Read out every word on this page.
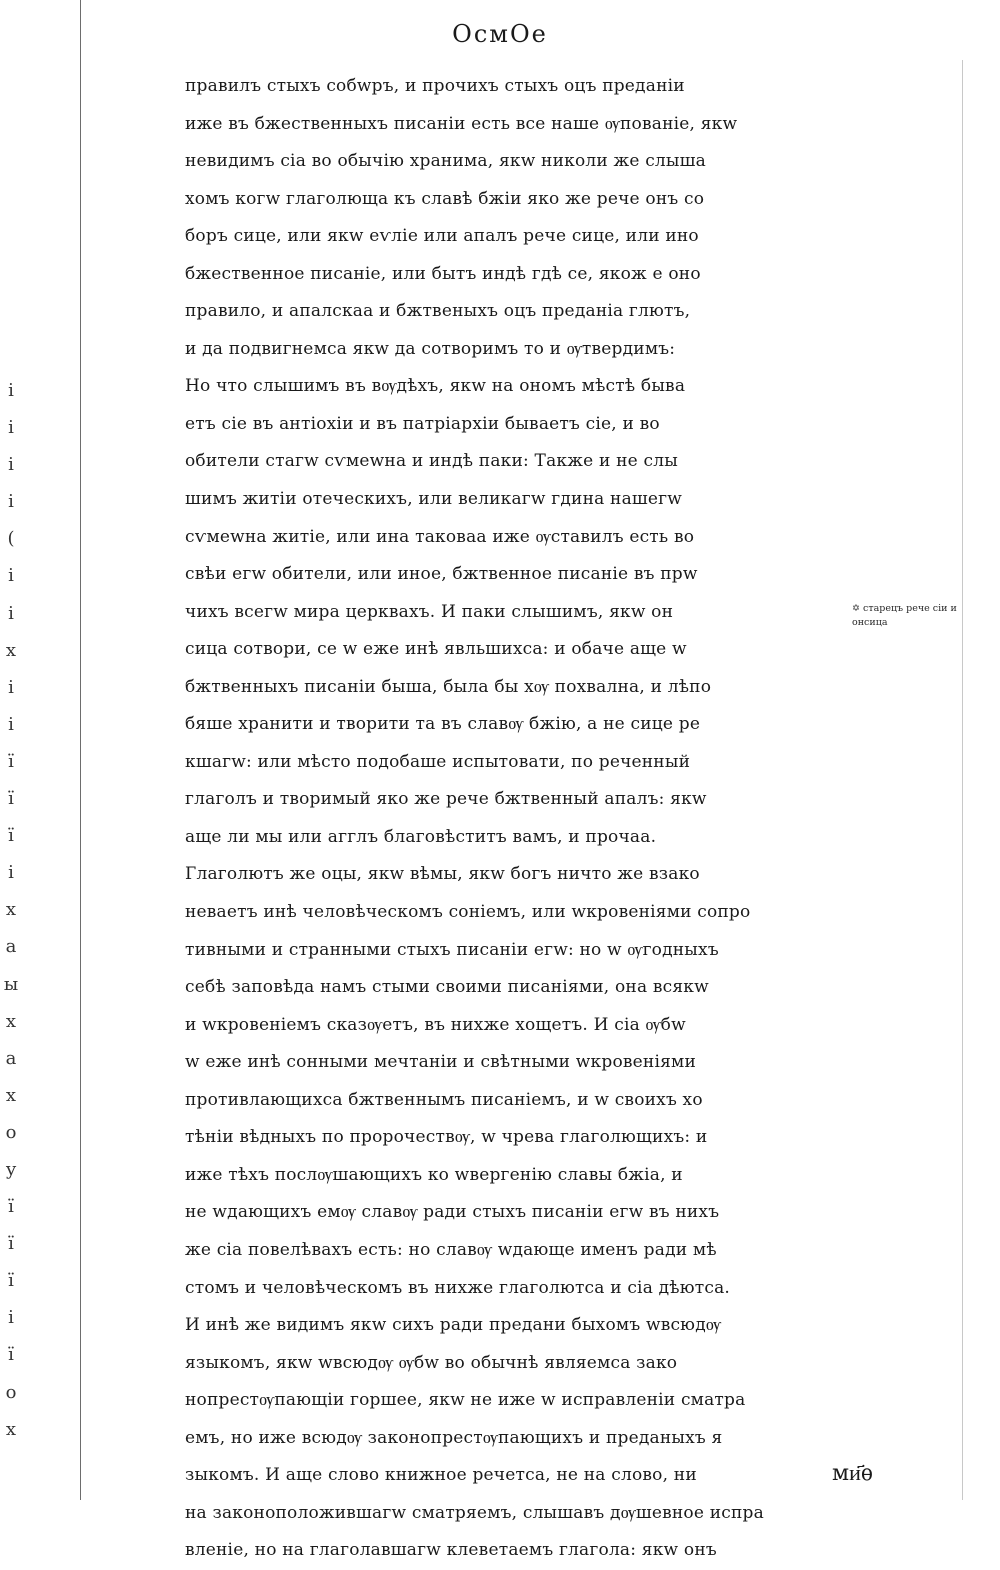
і
і
і
і
(
і
і
х
і
і
ї
ї
ї
і
х
а
ы
х
а
х
о
у
ї
ї
ї
і
ї
о
х
ОсмОе
правилъ стыхъ собwръ, и прочихъ стыхъ оцъ преданiи
иже въ бжественныхъ писанiи есть все наше ѹпованiе, якw
невидимъ сiа во обычiю хранима, якw николи же слыша
хомъ когw глаголюща къ славѣ бжiи яко же рече онъ со
боръ сице, или якw еѵлiе или апалъ рече сице, или ино
бжественное писанiе, или бытъ индѣ гдѣ се, якож е оно
правило, и апалскаа и бжтвеныхъ оцъ преданiа глютъ,
и да подвигнемса якw да сотворимъ то и ѹтвердимъ:
Но что слышимъ въ вѹдѣхъ, якw на ономъ мѣстѣ быва
етъ сiе въ антiохiи и въ патрiархiи бываетъ сiе, и во
обители стагw сѵмеwна и индѣ паки: Также и не слы
шимъ житiи отеческихъ, или великагw гдина нашегw
сѵмеwна житiе, или ина таковаа иже ѹставилъ есть во
свѣи егw обители, или иное, бжтвенное писанiе въ прw
чихъ всегw мира церквахъ. И паки слышимъ, якw он
сица сотвори, се w еже инѣ явльшихса: и обаче аще w
бжтвенныхъ писанiи быша, была бы хѹ похвална, и лѣпо
бяше хранити и творити та въ славѹ бжiю, а не сице ре
кшагw: или мѣсто подобаше испытовати, по реченный
глаголъ и творимый яко же рече бжтвенный апалъ: якw
аще ли мы или агглъ благовѣститъ вамъ, и прочаа.
Глаголютъ же оцы, якw вѣмы, якw богъ ничто же взако
неваетъ инѣ человѣческомъ сонiемъ, или wкровенiями сопро
тивными и странными стыхъ писанiи егw: но w ѹгодныхъ
себѣ заповѣда намъ стыми своими писанiями, она всякw
и wкровенiемъ сказѹетъ, въ нихже хощетъ. И сiа ѹбw
w еже инѣ сонными мечтанiи и свѣтными wкровенiями
противлающихса бжтвеннымъ писанiемъ, и w своихъ хо
тѣнiи вѣдныхъ по пророчествѹ, w чрева глаголющихъ: и
иже тѣхъ послѹшающихъ ко wвергенiю славы бжiа, и
не wдающихъ емѹ славѹ ради стыхъ писанiи егw въ нихъ
же сiа повелѣвахъ есть: но славѹ wдающе именъ ради мѣ
стомъ и человѣческомъ въ нихже глаголютса и сiа дѣютса.
И инѣ же видимъ якw сихъ ради предани быхомъ wвсюдѹ
языкомъ, якw wвсюдѹ ѹбw во обычнѣ являемса зако
нопрестѹпающiи горшее, якw не иже w исправленiи сматра
емъ, но иже всюдѹ законопрестѹпающихъ и преданыхъ я
зыкомъ. И аще слово книжное речетса, не на слово, ни
на законоположившагw сматряемъ, слышавъ дѹшевное испра
вленiе, но на глаголавшагw клеветаемъ глагола: якw онъ
✡ старецъ рече сiи и онсица
ми҃ѳ
